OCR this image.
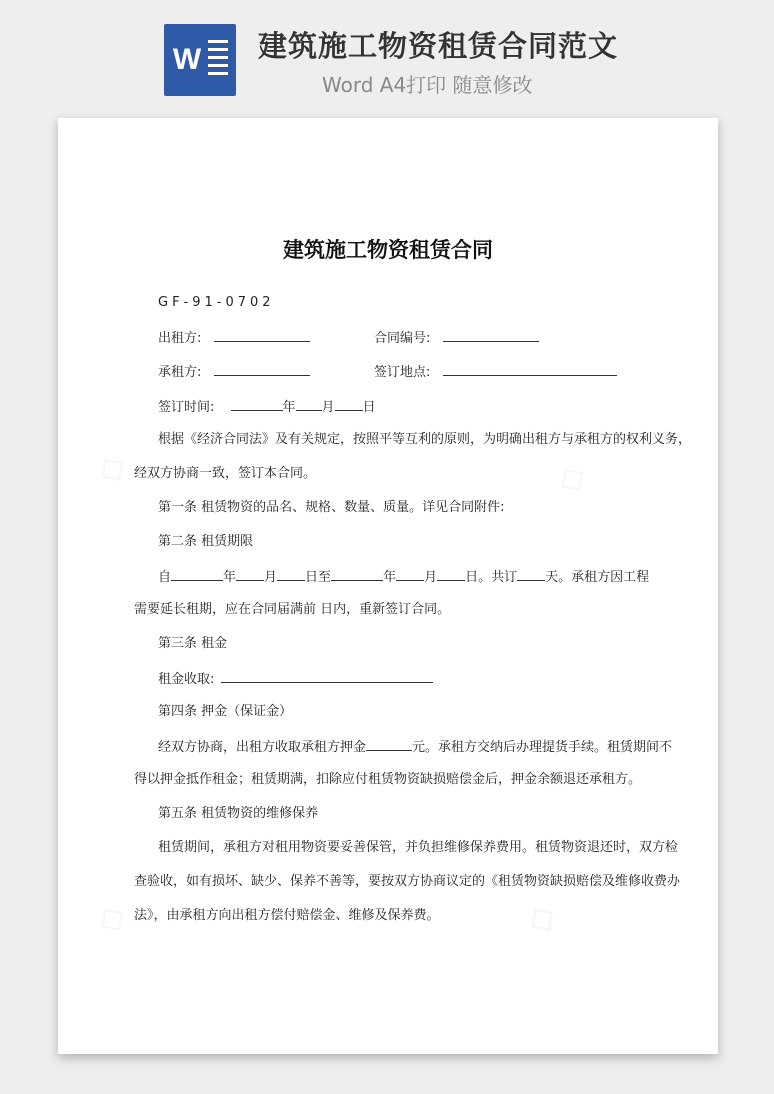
W 建筑施工物资租赁合同范文
Word A4打印 随意修改
◇	◇
◇	◇
建筑施工物资租赁合同
GF-91-0702
出租方:	合同编号:
承租方:	签订地点:
签订时间:	年 月 日
根据《经济合同法》及有关规定，按照平等互利的原则，为明确出租方与承租方的权利义务，
经双方协商一致，签订本合同。
第一条 租赁物资的品名、规格、数量、质量。详见合同附件:
第二条 租赁期限
自	年 月 日至	年 月 日。共订 天。承租方因工程
需要延长租期，应在合同届满前 日内，重新签订合同。
第三条 租金
租金收取:
第四条 押金（保证金）
经双方协商，出租方收取承租方押金	元。承租方交纳后办理提货手续。租赁期间不
得以押金抵作租金；租赁期满，扣除应付租赁物资缺损赔偿金后，押金余额退还承租方。
第五条 租赁物资的维修保养
租赁期间，承租方对租用物资要妥善保管，并负担维修保养费用。租赁物资退还时，双方检
查验收，如有损坏、缺少、保养不善等，要按双方协商议定的《租赁物资缺损赔偿及维修收费办
法》，由承租方向出租方偿付赔偿金、维修及保养费。
